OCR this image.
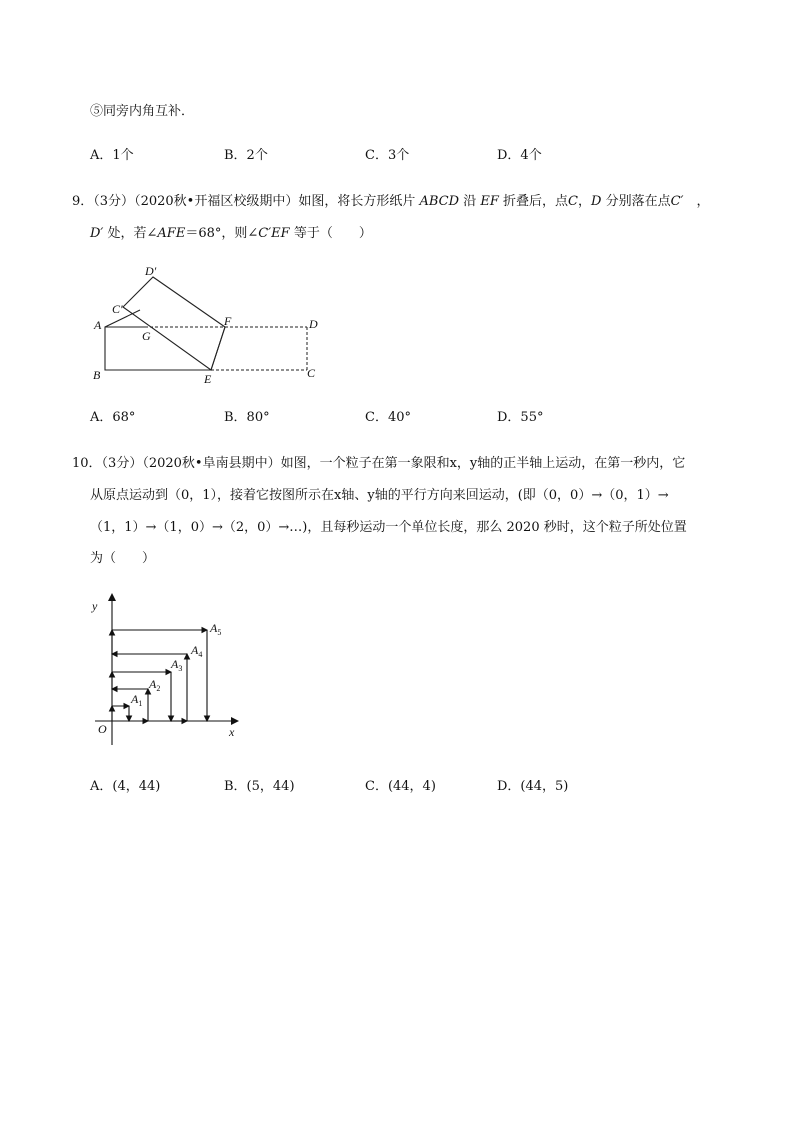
⑤同旁内角互补．
A．1个	B．2个	C．3个	D．4个
9．（3分）（2020秋•开福区校级期中）如图，将长方形纸片 ABCD 沿 EF 折叠后，点C，D 分别落在点C′　 ，
D′ 处，若∠AFE＝68°，则∠C′EF 等于（　　）
D′
C′
A
G
F	D
B	E	C
A．68°	B．80°	C．40°	D．55°
10．（3分）（2020秋•阜南县期中）如图，一个粒子在第一象限和x，y轴的正半轴上运动，在第一秒内，它
从原点运动到（0，1），接着它按图所示在x轴、y轴的平行方向来回运动，(即（0，0）→（0，1）→
（1，1）→（1，0）→（2，0）→…)，且每秒运动一个单位长度，那么 2020 秒时，这个粒子所处位置
为（　　）
y
x
O
$A_1$
$A_2$
$A_3$
$A_4$
$A_5$
A．(4，44)	B．(5，44)	C．(44，4)	D．(44，5)
